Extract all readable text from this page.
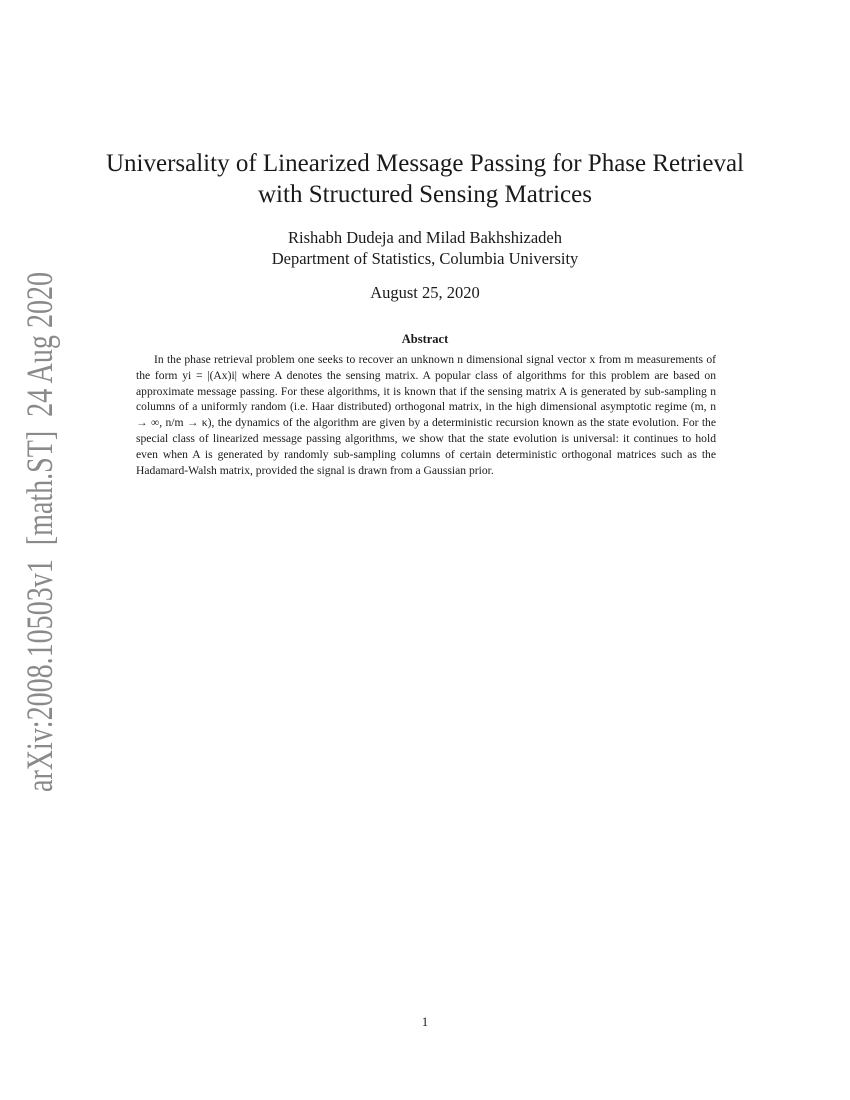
arXiv:2008.10503v1  [math.ST]  24 Aug 2020	Universality of Linearized Message Passing for Phase Retrieval
with Structured Sensing Matrices
Rishabh Dudeja and Milad Bakhshizadeh
Department of Statistics, Columbia University
August 25, 2020
Abstract

In the phase retrieval problem one seeks to recover an unknown n dimensional signal vector x from m measurements of the form yi = |(Ax)i| where A denotes the sensing matrix. A popular class of algorithms for this problem are based on approximate message passing. For these algorithms, it is known that if the sensing matrix A is generated by sub-sampling n columns of a uniformly random (i.e. Haar distributed) orthogonal matrix, in the high dimensional asymptotic regime (m, n → ∞, n/m → κ), the dynamics of the algorithm are given by a deterministic recursion known as the state evolution. For the special class of linearized message passing algorithms, we show that the state evolution is universal: it continues to hold even when A is generated by randomly sub-sampling columns of certain deterministic orthogonal matrices such as the Hadamard-Walsh matrix, provided the signal is drawn from a Gaussian prior.

1
